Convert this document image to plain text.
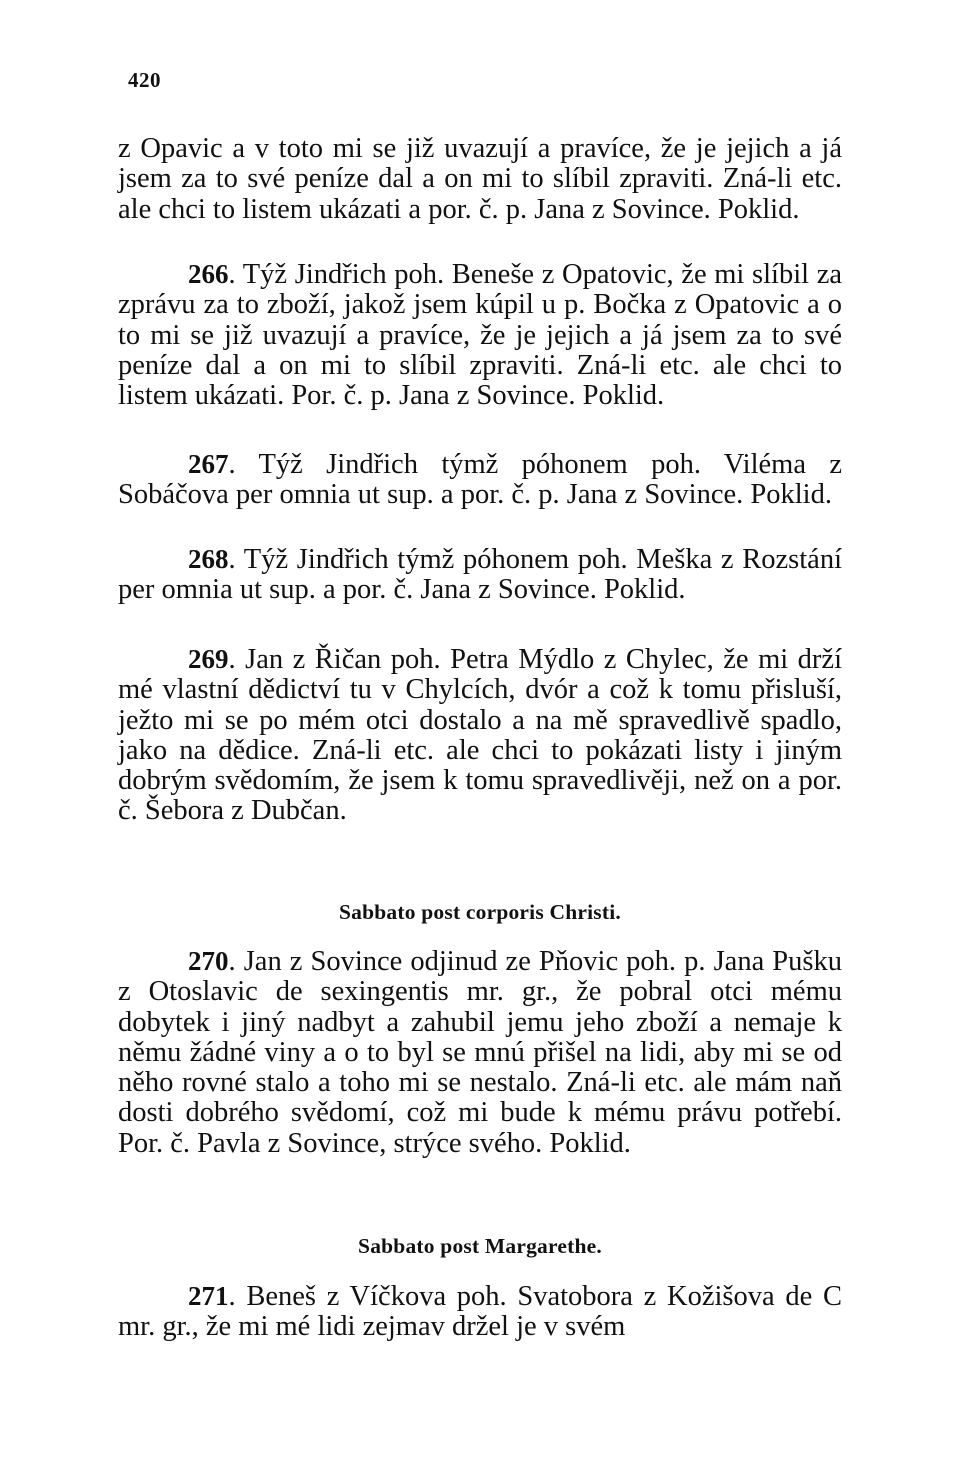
420
z Opavic a v toto mi se již uvazují a pravíce, že je jejich a já jsem za to své peníze dal a on mi to slíbil zpraviti. Zná-li etc. ale chci to listem ukázati a por. č. p. Jana z Sovince. Poklid.
266. Týž Jindřich poh. Beneše z Opatovic, že mi slíbil za zprávu za to zboží, jakož jsem kúpil u p. Bočka z Opatovic a o to mi se již uvazují a pravíce, že je jejich a já jsem za to své peníze dal a on mi to slíbil zpraviti. Zná-li etc. ale chci to listem ukázati. Por. č. p. Jana z Sovince. Poklid.
267. Týž Jindřich týmž póhonem poh. Viléma z Sobáčova per omnia ut sup. a por. č. p. Jana z Sovince. Poklid.
268. Týž Jindřich týmž póhonem poh. Meška z Rozstání per omnia ut sup. a por. č. Jana z Sovince. Poklid.
269. Jan z Řičan poh. Petra Mýdlo z Chylec, že mi drží mé vlastní dědictví tu v Chylcích, dvór a což k tomu přisluší, ježto mi se po mém otci dostalo a na mě spravedlivě spadlo, jako na dědice. Zná-li etc. ale chci to pokázati listy i jiným dobrým svědomím, že jsem k tomu spravedlivěji, než on a por. č. Šebora z Dubčan.
Sabbato post corporis Christi.
270. Jan z Sovince odjinud ze Pňovic poh. p. Jana Pušku z Otoslavic de sexingentis mr. gr., že pobral otci mému dobytek i jiný nadbyt a zahubil jemu jeho zboží a nemaje k němu žádné viny a o to byl se mnú přišel na lidi, aby mi se od něho rovné stalo a toho mi se nestalo. Zná-li etc. ale mám naň dosti dobrého svědomí, což mi bude k mému právu potřebí. Por. č. Pavla z Sovince, strýce svého. Poklid.
Sabbato post Margarethe.
271. Beneš z Víčkova poh. Svatobora z Kožišova de C mr. gr., že mi mé lidi zejmav držel je v svém
